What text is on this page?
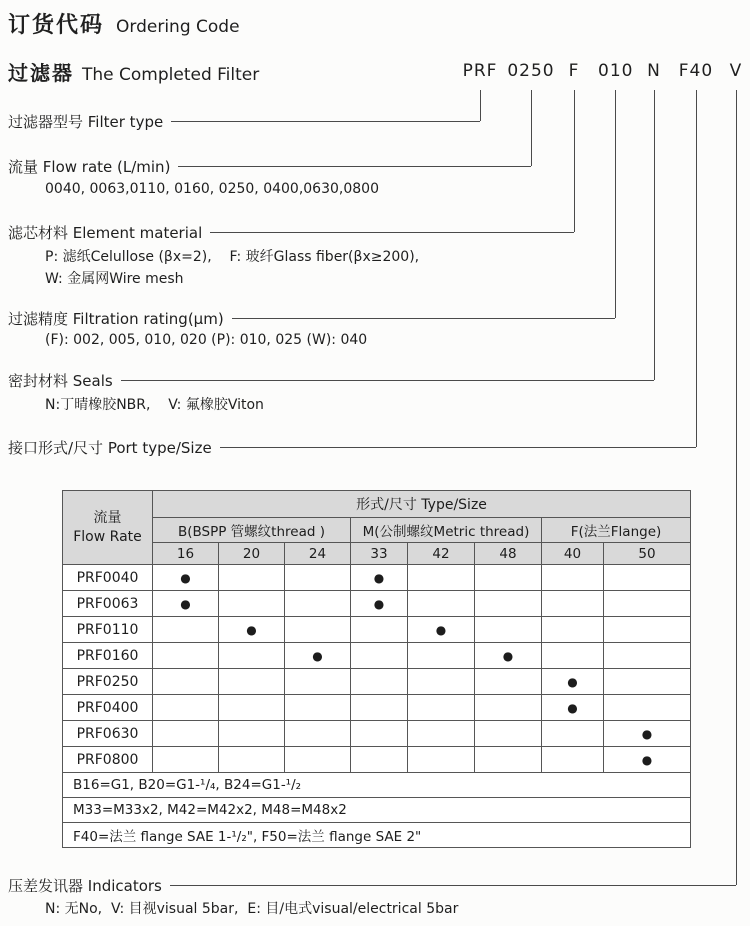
订货代码 Ordering Code
过滤器 The Completed Filter	PRF 0250 F 010 N F40 V
过滤器型号 Filter type
流量 Flow rate (L/min)
0040, 0063,0110, 0160, 0250, 0400,0630,0800
滤芯材料 Element material
P: 滤纸Celullose (βx=2),    F: 玻纤Glass fiber(βx≥200),
W: 金属网Wire mesh
过滤精度 Filtration rating(μm)
(F): 002, 005, 010, 020 (P): 010, 025 (W): 040
密封材料 Seals
N:丁晴橡胶NBR,    V: 氟橡胶Viton
接口形式/尺寸 Port type/Size
流量
Flow Rate	形式/尺寸 Type/Size							
	B(BSPP 管螺纹thread )			M(公制螺纹Metric thread)			F(法兰Flange)	
	16	20	24	33	42	48	40	50
PRF0040	●			●				
PRF0063	●			●				
PRF0110		●			●			
PRF0160			●			●		
PRF0250							●	
PRF0400							●	
PRF0630								●
PRF0800								●
B16=G1, B20=G1-¹/₄, B24=G1-¹/₂								
M33=M33x2, M42=M42x2, M48=M48x2								
F40=法兰 flange SAE 1-¹/₂", F50=法兰 flange SAE 2"								
压差发讯器 Indicators
N: 无No,  V: 目视visual 5bar,  E: 目/电式visual/electrical 5bar
